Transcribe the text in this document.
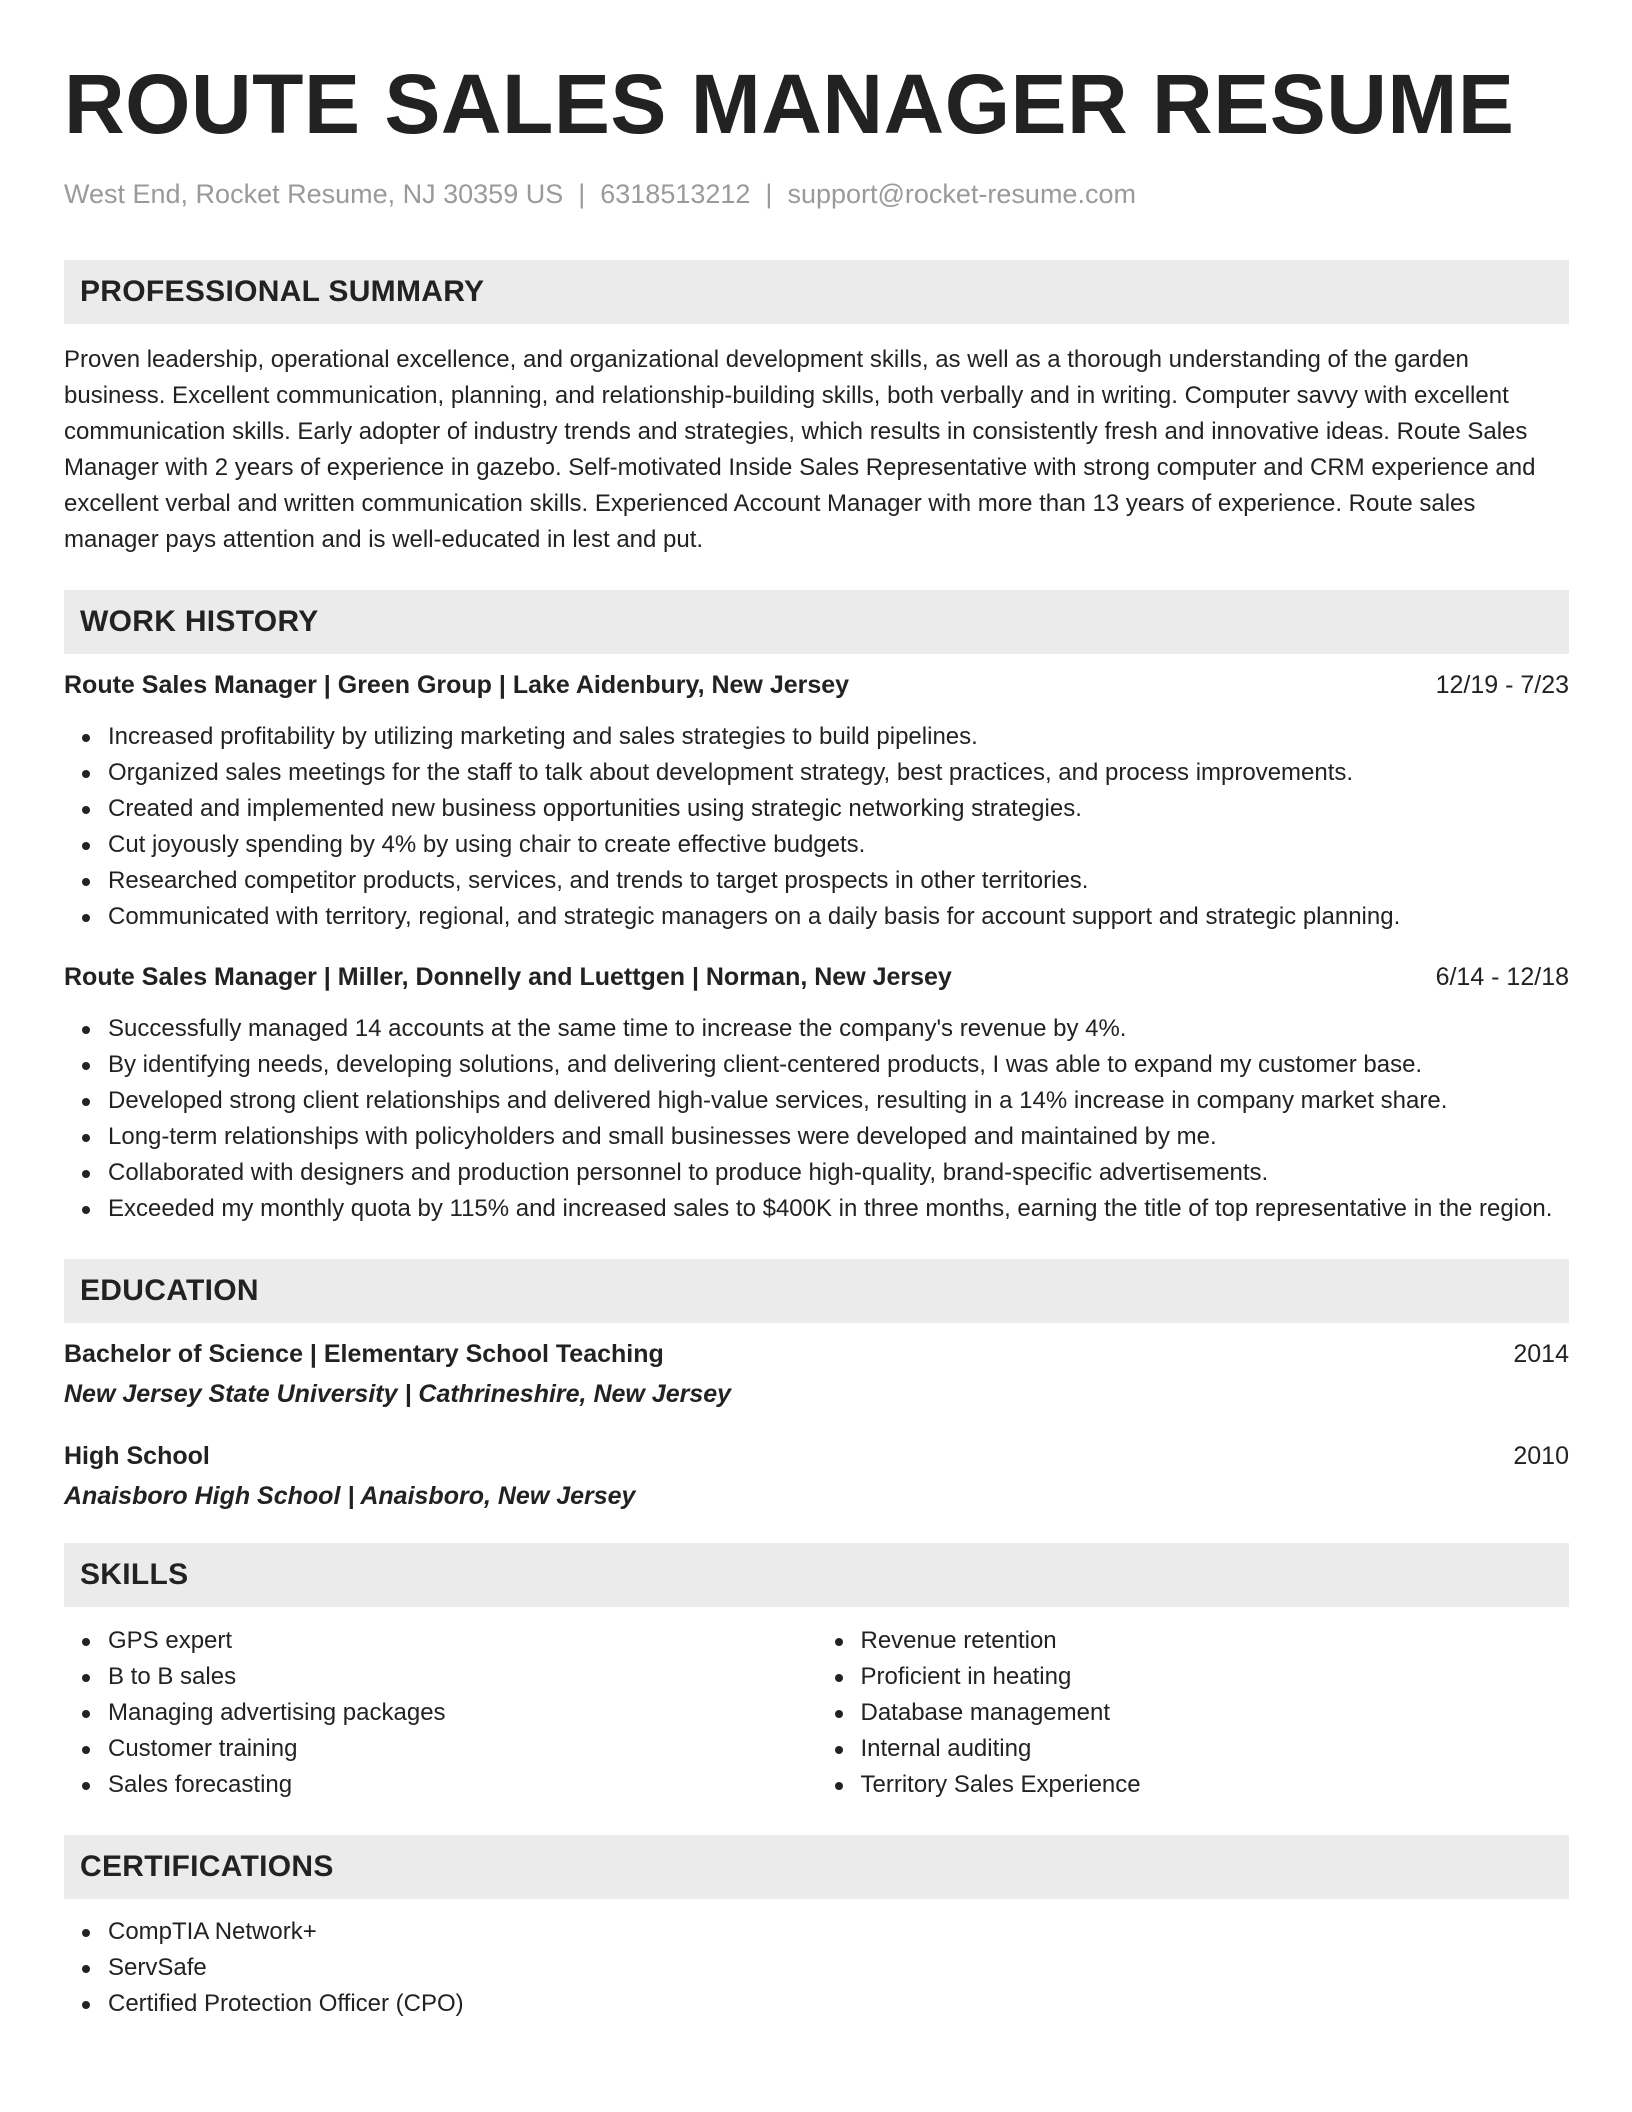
ROUTE SALES MANAGER RESUME
West End, Rocket Resume, NJ 30359 US | 6318513212 | support@rocket-resume.com
PROFESSIONAL SUMMARY

Proven leadership, operational excellence, and organizational development skills, as well as a thorough understanding of the garden business. Excellent communication, planning, and relationship-building skills, both verbally and in writing. Computer savvy with excellent communication skills. Early adopter of industry trends and strategies, which results in consistently fresh and innovative ideas. Route Sales Manager with 2 years of experience in gazebo. Self-motivated Inside Sales Representative with strong computer and CRM experience and excellent verbal and written communication skills. Experienced Account Manager with more than 13 years of experience. Route sales manager pays attention and is well-educated in lest and put.

WORK HISTORY
Route Sales Manager | Green Group | Lake Aidenbury, New Jersey	12/19 - 7/23
Increased profitability by utilizing marketing and sales strategies to build pipelines.
Organized sales meetings for the staff to talk about development strategy, best practices, and process improvements.
Created and implemented new business opportunities using strategic networking strategies.
Cut joyously spending by 4% by using chair to create effective budgets.
Researched competitor products, services, and trends to target prospects in other territories.
Communicated with territory, regional, and strategic managers on a daily basis for account support and strategic planning.
Route Sales Manager | Miller, Donnelly and Luettgen | Norman, New Jersey	6/14 - 12/18
Successfully managed 14 accounts at the same time to increase the company's revenue by 4%.
By identifying needs, developing solutions, and delivering client-centered products, I was able to expand my customer base.
Developed strong client relationships and delivered high-value services, resulting in a 14% increase in company market share.
Long-term relationships with policyholders and small businesses were developed and maintained by me.
Collaborated with designers and production personnel to produce high-quality, brand-specific advertisements.
Exceeded my monthly quota by 115% and increased sales to $400K in three months, earning the title of top representative in the region.
EDUCATION
Bachelor of Science | Elementary School Teaching	2014
New Jersey State University | Cathrineshire, New Jersey
High School	2010
Anaisboro High School | Anaisboro, New Jersey
SKILLS
GPS expert
B to B sales
Managing advertising packages
Customer training
Sales forecasting
Revenue retention
Proficient in heating
Database management
Internal auditing
Territory Sales Experience
CERTIFICATIONS
CompTIA Network+
ServSafe
Certified Protection Officer (CPO)
